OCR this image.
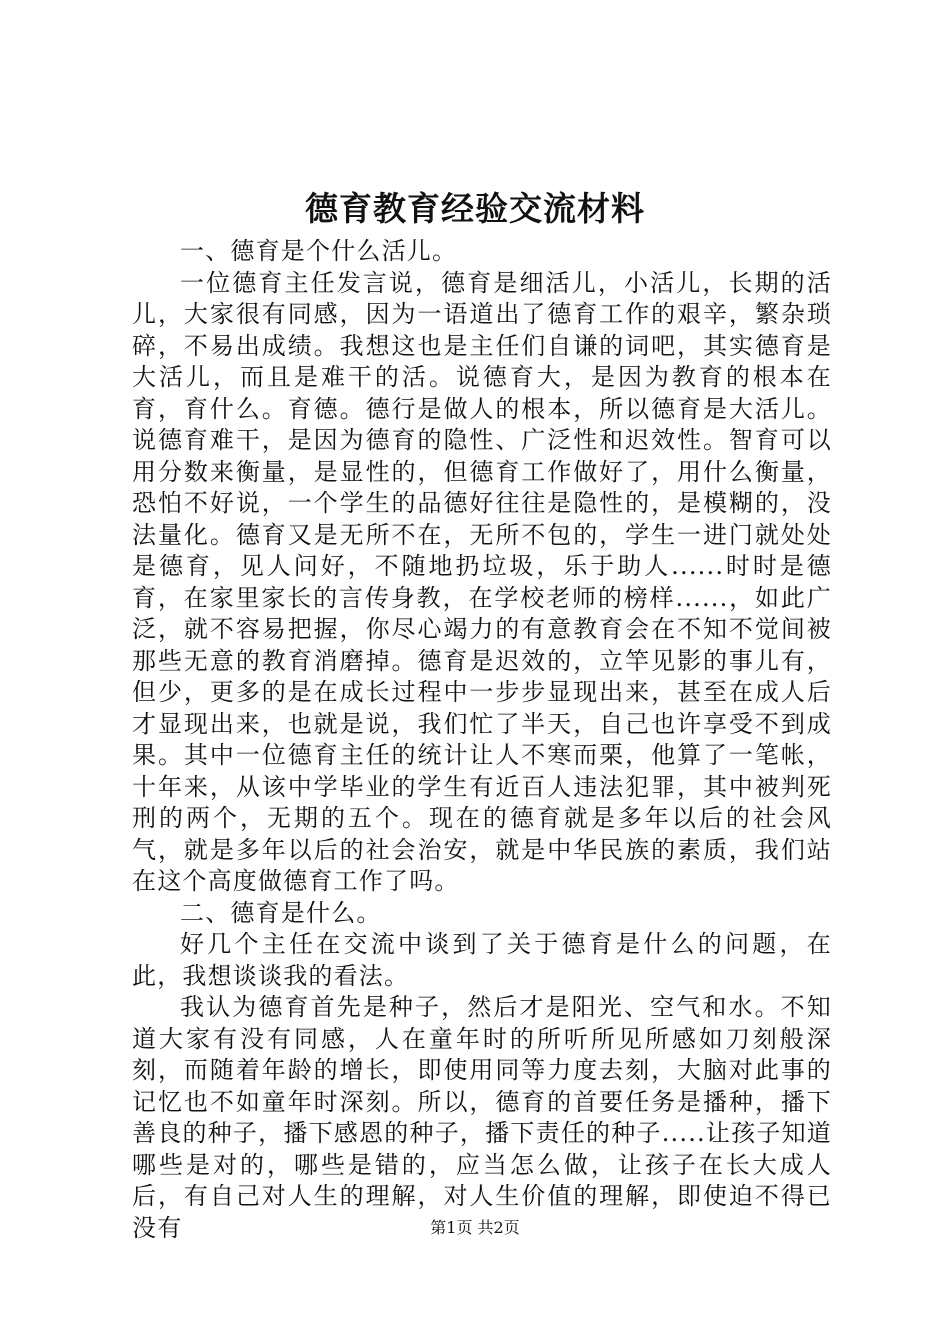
德育教育经验交流材料

一、德育是个什么活儿。

一位德育主任发言说，德育是细活儿，小活儿，长期的活儿，大家很有同感，因为一语道出了德育工作的艰辛，繁杂琐碎，不易出成绩。我想这也是主任们自谦的词吧，其实德育是大活儿，而且是难干的活。说德育大，是因为教育的根本在育，育什么。育德。德行是做人的根本，所以德育是大活儿。说德育难干，是因为德育的隐性、广泛性和迟效性。智育可以用分数来衡量，是显性的，但德育工作做好了，用什么衡量，恐怕不好说，一个学生的品德好往往是隐性的，是模糊的，没法量化。德育又是无所不在，无所不包的，学生一进门就处处是德育，见人问好，不随地扔垃圾，乐于助人......时时是德育，在家里家长的言传身教，在学校老师的榜样......，如此广泛，就不容易把握，你尽心竭力的有意教育会在不知不觉间被那些无意的教育消磨掉。德育是迟效的，立竿见影的事儿有，但少，更多的是在成长过程中一步步显现出来，甚至在成人后才显现出来，也就是说，我们忙了半天，自己也许享受不到成果。其中一位德育主任的统计让人不寒而栗，他算了一笔帐，十年来，从该中学毕业的学生有近百人违法犯罪，其中被判死刑的两个，无期的五个。现在的德育就是多年以后的社会风气，就是多年以后的社会治安，就是中华民族的素质，我们站在这个高度做德育工作了吗。

二、德育是什么。

好几个主任在交流中谈到了关于德育是什么的问题，在此，我想谈谈我的看法。

我认为德育首先是种子，然后才是阳光、空气和水。不知道大家有没有同感，人在童年时的所听所见所感如刀刻般深刻，而随着年龄的增长，即使用同等力度去刻，大脑对此事的记忆也不如童年时深刻。所以，德育的首要任务是播种，播下善良的种子，播下感恩的种子，播下责任的种子.....让孩子知道哪些是对的，哪些是错的，应当怎么做，让孩子在长大成人后，有自己对人生的理解，对人生价值的理解，即使迫不得已没有	第1页 共2页
